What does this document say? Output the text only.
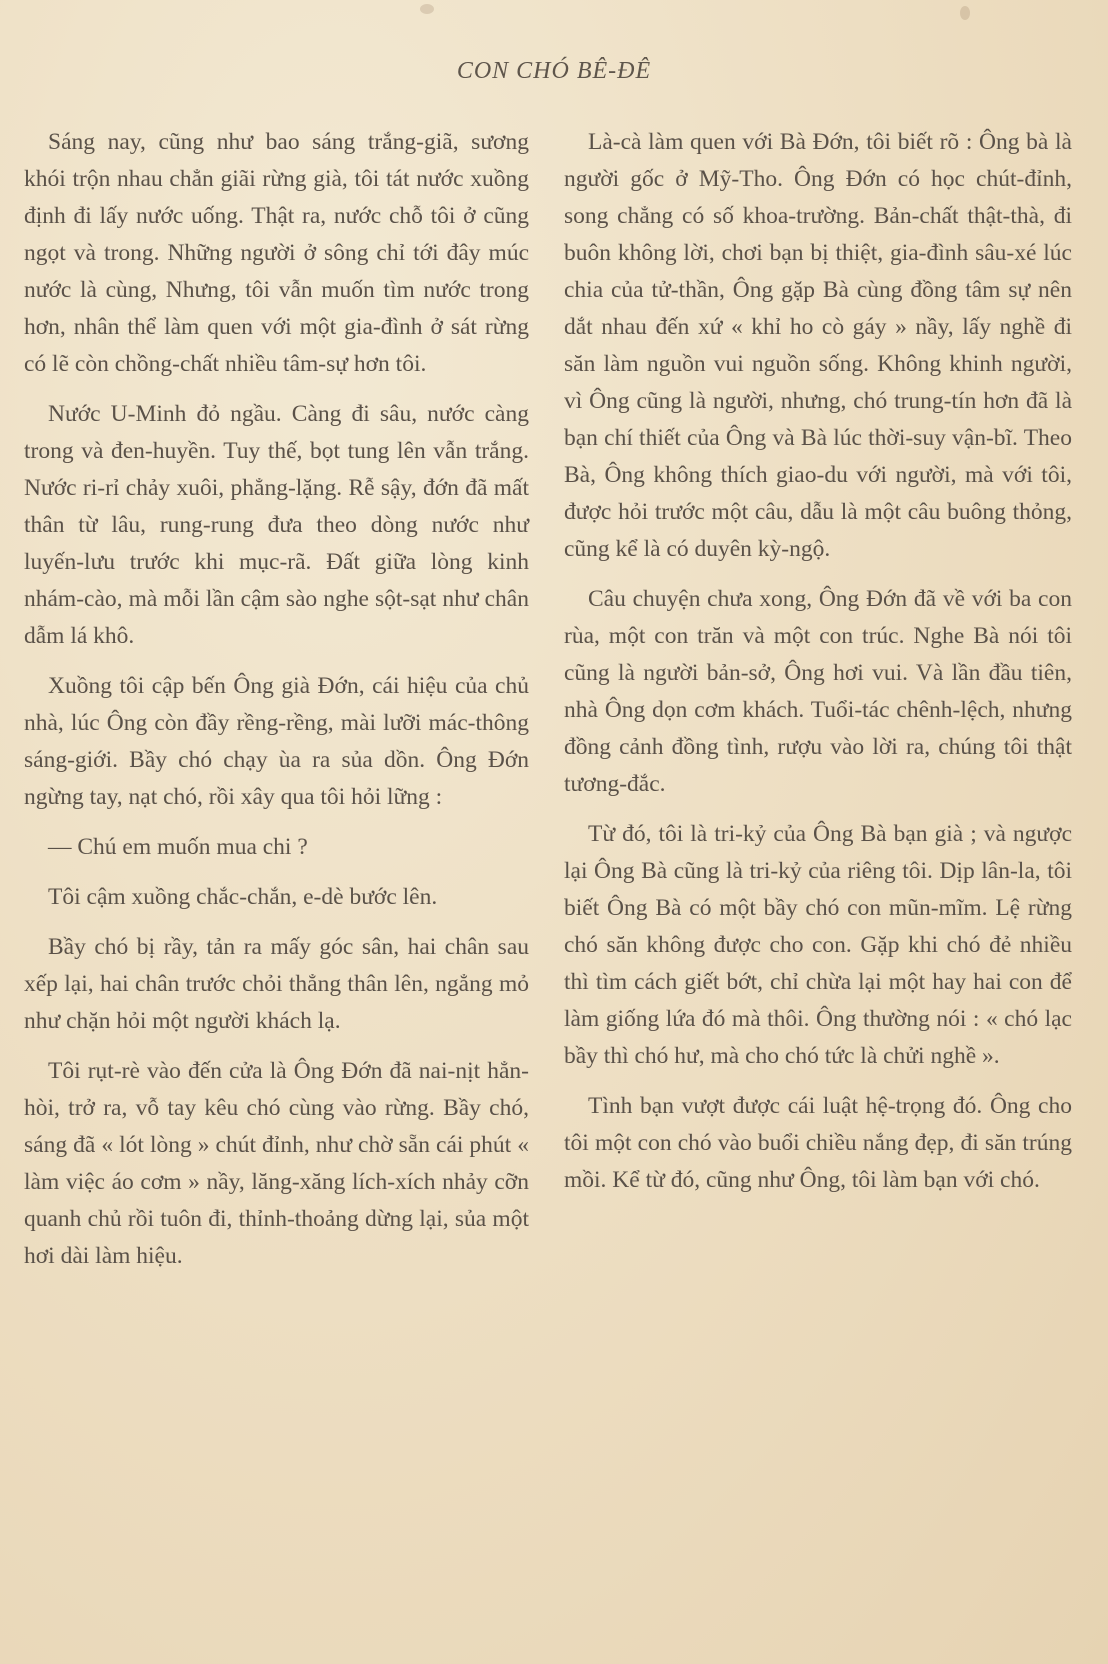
CON CHÓ BÊ-ĐÊ

Sáng nay, cũng như bao sáng trắng-giã, sương khói trộn nhau chẳn giãi rừng già, tôi tát nước xuồng định đi lấy nước uống. Thật ra, nước chỗ tôi ở cũng ngọt và trong. Những người ở sông chỉ tới đây múc nước là cùng, Nhưng, tôi vẫn muốn tìm nước trong hơn, nhân thể làm quen với một gia-đình ở sát rừng có lẽ còn chồng-chất nhiều tâm-sự hơn tôi.

Nước U-Minh đỏ ngầu. Càng đi sâu, nước càng trong và đen-huyền. Tuy thế, bọt tung lên vẫn trắng. Nước ri-rỉ chảy xuôi, phẳng-lặng. Rễ sậy, đớn đã mất thân từ lâu, rung-rung đưa theo dòng nước như luyến-lưu trước khi mục-rã. Đất giữa lòng kinh nhám-cào, mà mỗi lần cậm sào nghe sột-sạt như chân dẫm lá khô.

Xuồng tôi cập bến Ông già Đớn, cái hiệu của chủ nhà, lúc Ông còn đầy rềng-rềng, mài lưỡi mác-thông sáng-giới. Bầy chó chạy ùa ra sủa dồn. Ông Đớn ngừng tay, nạt chó, rồi xây qua tôi hỏi lững :

— Chú em muốn mua chi ?

Tôi cậm xuồng chắc-chắn, e-dè bước lên.

Bầy chó bị rầy, tản ra mấy góc sân, hai chân sau xếp lại, hai chân trước chỏi thẳng thân lên, ngẳng mỏ như chặn hỏi một người khách lạ.

Tôi rụt-rè vào đến cửa là Ông Đớn đã nai-nịt hẳn-hòi, trở ra, vỗ tay kêu chó cùng vào rừng. Bầy chó, sáng đã « lót lòng » chút đỉnh, như chờ sẵn cái phút « làm việc áo cơm » nầy, lăng-xăng lích-xích nhảy cỡn quanh chủ rồi tuôn đi, thỉnh-thoảng dừng lại, sủa một hơi dài làm hiệu.

Là-cà làm quen với Bà Đớn, tôi biết rõ : Ông bà là người gốc ở Mỹ-Tho. Ông Đớn có học chút-đỉnh, song chẳng có số khoa-trường. Bản-chất thật-thà, đi buôn không lời, chơi bạn bị thiệt, gia-đình sâu-xé lúc chia của tử-thần, Ông gặp Bà cùng đồng tâm sự nên dắt nhau đến xứ « khỉ ho cò gáy » nầy, lấy nghề đi săn làm nguồn vui nguồn sống. Không khinh người, vì Ông cũng là người, nhưng, chó trung-tín hơn đã là bạn chí thiết của Ông và Bà lúc thời-suy vận-bĩ. Theo Bà, Ông không thích giao-du với người, mà với tôi, được hỏi trước một câu, dẫu là một câu buông thỏng, cũng kể là có duyên kỳ-ngộ.

Câu chuyện chưa xong, Ông Đớn đã về với ba con rùa, một con trăn và một con trúc. Nghe Bà nói tôi cũng là người bản-sở, Ông hơi vui. Và lần đầu tiên, nhà Ông dọn cơm khách. Tuổi-tác chênh-lệch, nhưng đồng cảnh đồng tình, rượu vào lời ra, chúng tôi thật tương-đắc.

Từ đó, tôi là tri-kỷ của Ông Bà bạn già ; và ngược lại Ông Bà cũng là tri-kỷ của riêng tôi. Dịp lân-la, tôi biết Ông Bà có một bầy chó con mũn-mĩm. Lệ rừng chó săn không được cho con. Gặp khi chó đẻ nhiều thì tìm cách giết bớt, chỉ chừa lại một hay hai con để làm giống lứa đó mà thôi. Ông thường nói : « chó lạc bầy thì chó hư, mà cho chó tức là chửi nghề ».

Tình bạn vượt được cái luật hệ-trọng đó. Ông cho tôi một con chó vào buổi chiều nắng đẹp, đi săn trúng mồi. Kể từ đó, cũng như Ông, tôi làm bạn với chó.
